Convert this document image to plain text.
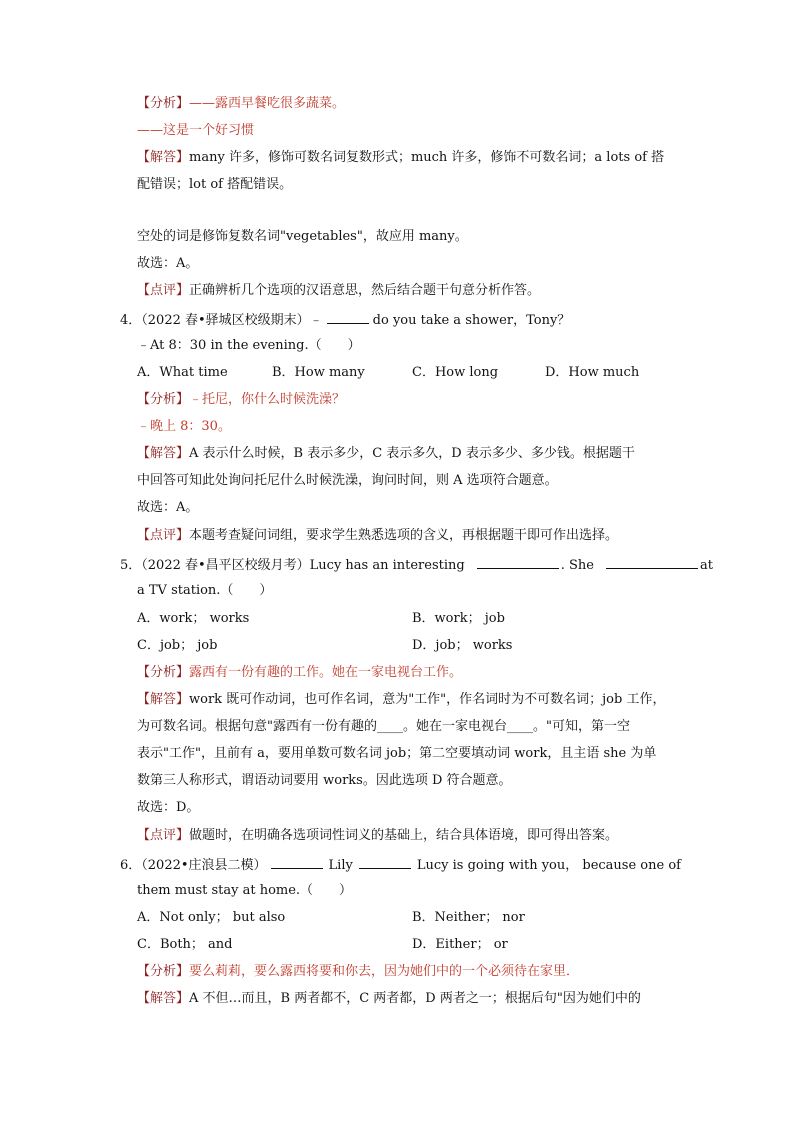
【分析】——露西早餐吃很多蔬菜。
——这是一个好习惯
【解答】many 许多，修饰可数名词复数形式；much 许多，修饰不可数名词；a lots of 搭
配错误；lot of 搭配错误。
空处的词是修饰复数名词"vegetables"，故应用 many。
故选：A。
【点评】正确辨析几个选项的汉语意思，然后结合题干句意分析作答。
4．（2022 春•驿城区校级期末）﹣	do you take a shower，Tony？
﹣At 8：30 in the evening.（　　）
A．What time	B．How many	C．How long	D．How much
【分析】﹣托尼，你什么时候洗澡？
﹣晚上 8：30。
【解答】A 表示什么时候，B 表示多少，C 表示多久，D 表示多少、多少钱。根据题干
中回答可知此处询问托尼什么时候洗澡，询问时间，则 A 选项符合题意。
故选：A。
【点评】本题考查疑问词组，要求学生熟悉选项的含义，再根据题干即可作出选择。
5．（2022 春•昌平区校级月考）Lucy has an interesting	. She	at
a TV station.（　　）
A．work； works	B．work； job
C．job； job	D．job； works
【分析】露西有一份有趣的工作。她在一家电视台工作。
【解答】work 既可作动词，也可作名词，意为"工作"，作名词时为不可数名词；job 工作，
为可数名词。根据句意"露西有一份有趣的____。她在一家电视台____。"可知，第一空
表示"工作"，且前有 a，要用单数可数名词 job；第二空要填动词 work，且主语 she 为单
数第三人称形式，谓语动词要用 works。因此选项 D 符合题意。
故选：D。
【点评】做题时，在明确各选项词性词义的基础上，结合具体语境，即可得出答案。
6．（2022•庄浪县二模）	Lily	Lucy is going with you， because one of
them must stay at home.（　　）
A．Not only； but also	B．Neither； nor
C．Both； and	D．Either； or
【分析】要么莉莉，要么露西将要和你去，因为她们中的一个必须待在家里．
【解答】A 不但…而且，B 两者都不，C 两者都，D 两者之一；根据后句"因为她们中的
